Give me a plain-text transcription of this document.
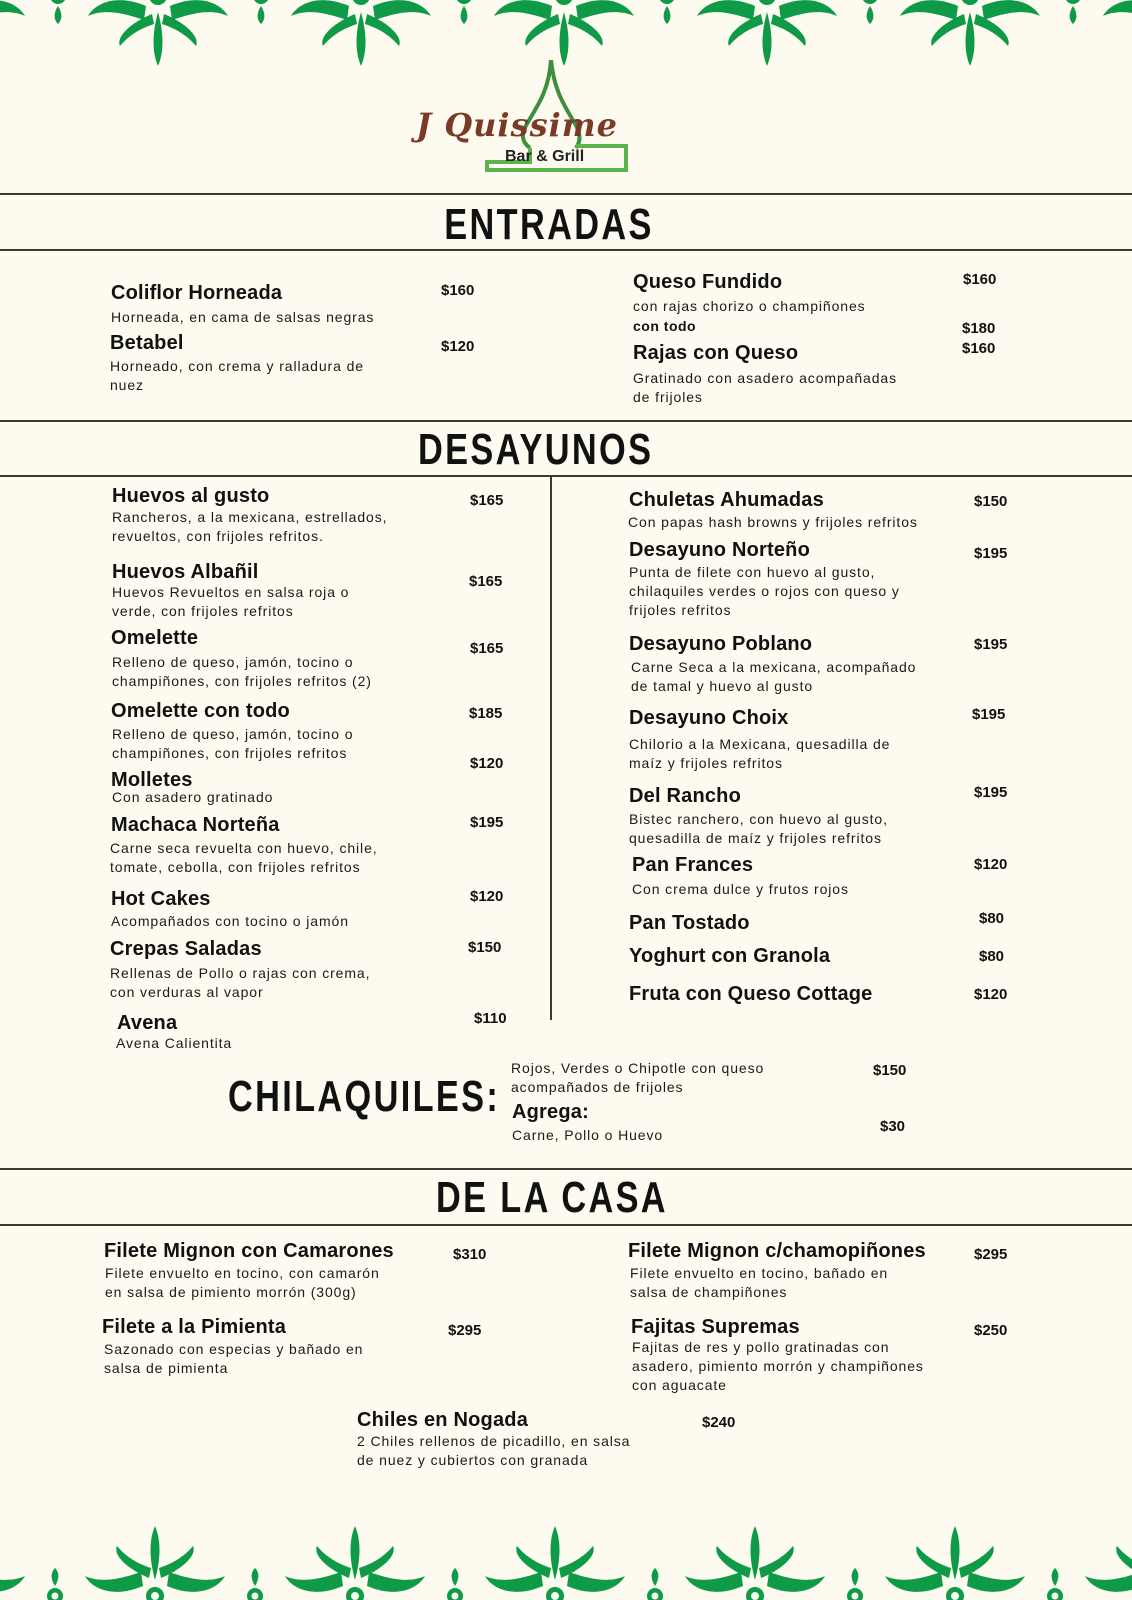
J Quissime
Bar & Grill
ENTRADAS
DESAYUNOS
CHILAQUILES:
Rojos, Verdes o Chipotle con queso
acompañados de frijoles
$150
Agrega:
Carne, Pollo o Huevo	$30
DE LA CASA
con todo	$180
Coliflor Horneada	$160
Horneada, en cama de salsas negras
Betabel	$120
Horneado, con crema y ralladura de
nuez
Queso Fundido	$160
con rajas chorizo o champiñones
Rajas con Queso	$160
Gratinado con asadero acompañadas
de frijoles
Huevos al gusto	$165
Rancheros, a la mexicana, estrellados,
revueltos, con frijoles refritos.
Huevos Albañil	$165
Huevos Revueltos en salsa roja o
verde, con frijoles refritos
Omelette	$165
Relleno de queso, jamón, tocino o
champiñones, con frijoles refritos (2)
Omelette con todo	$185
Relleno de queso, jamón, tocino o
champiñones, con frijoles refritos
Molletes
$120
Con asadero gratinado
Machaca Norteña	$195
Carne seca revuelta con huevo, chile,
tomate, cebolla, con frijoles refritos
Hot Cakes	$120
Acompañados con tocino o jamón
Crepas Saladas	$150
Rellenas de Pollo o rajas con crema,
con verduras al vapor
Avena	$110
Avena Calientita
Chuletas Ahumadas	$150
Con papas hash browns y frijoles refritos
Desayuno Norteño	$195
Punta de filete con huevo al gusto,
chilaquiles verdes o rojos con queso y
frijoles refritos
Desayuno Poblano	$195
Carne Seca a la mexicana, acompañado
de tamal y huevo al gusto
Desayuno Choix	$195
Chilorio a la Mexicana, quesadilla de
maíz y frijoles refritos
Del Rancho	$195
Bistec ranchero, con huevo al gusto,
quesadilla de maíz y frijoles refritos
Pan Frances	$120
Con crema dulce y frutos rojos
Pan Tostado	$80
Yoghurt con Granola	$80
Fruta con Queso Cottage	$120
Filete Mignon con Camarones	$310
Filete envuelto en tocino, con camarón
en salsa de pimiento morrón (300g)
Filete a la Pimienta	$295
Sazonado con especias y bañado en
salsa de pimienta
Filete Mignon c/chamopiñones	$295
Filete envuelto en tocino, bañado en
salsa de champiñones
Fajitas Supremas	$250
Fajitas de res y pollo gratinadas con
asadero, pimiento morrón y champiñones
con aguacate
Chiles en Nogada	$240
2 Chiles rellenos de picadillo, en salsa
de nuez y cubiertos con granada
